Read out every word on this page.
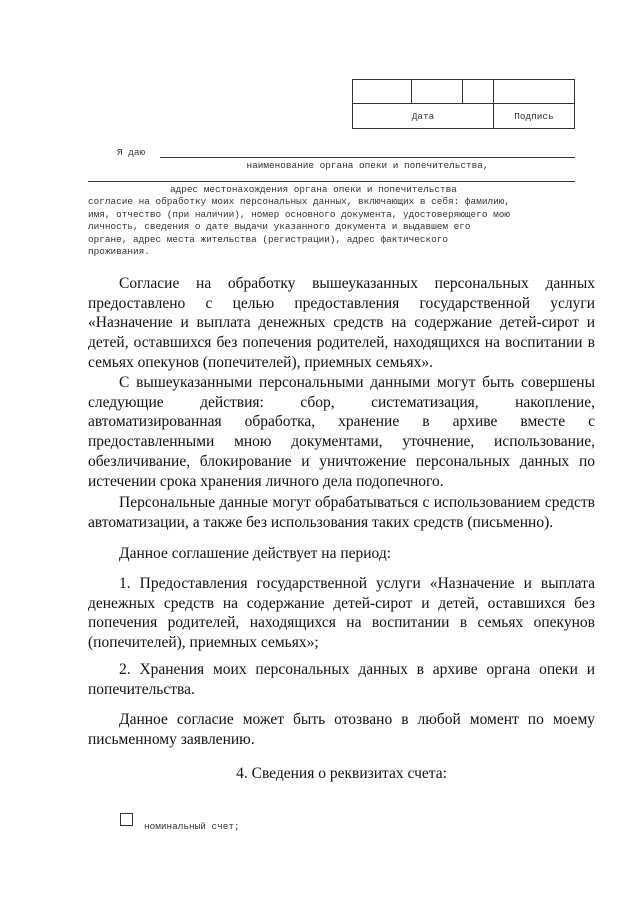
Дата			Подпись
Я даю
наименование органа опеки и попечительства,
адрес местонахождения органа опеки и попечительства
согласие на обработку моих персональных данных, включающих в себя: фамилию,
имя, отчество (при наличии), номер основного документа, удостоверяющего мою
личность, сведения о дате выдачи указанного документа и выдавшем его
органе, адрес места жительства (регистрации), адрес фактического
проживания.

Согласие на обработку вышеуказанных персональных данных предоставлено с целью предоставления государственной услуги «Назначение и выплата денежных средств на содержание детей-сирот и детей, оставшихся без попечения родителей, находящихся на воспитании в семьях опекунов (попечителей), приемных семьях».

С вышеуказанными персональными данными могут быть совершены следующие действия: сбор, систематизация, накопление, автоматизированная обработка, хранение в архиве вместе с предоставленными мною документами, уточнение, использование, обезличивание, блокирование и уничтожение персональных данных по истечении срока хранения личного дела подопечного.

Персональные данные могут обрабатываться с использованием средств автоматизации, а также без использования таких средств (письменно).

Данное соглашение действует на период:

1. Предоставления государственной услуги «Назначение и выплата денежных средств на содержание детей-сирот и детей, оставшихся без попечения родителей, находящихся на воспитании в семьях опекунов (попечителей), приемных семьях»;

2. Хранения моих персональных данных в архиве органа опеки и попечительства.

Данное согласие может быть отозвано в любой момент по моему письменному заявлению.

4. Сведения о реквизитах счета:
номинальный счет;
